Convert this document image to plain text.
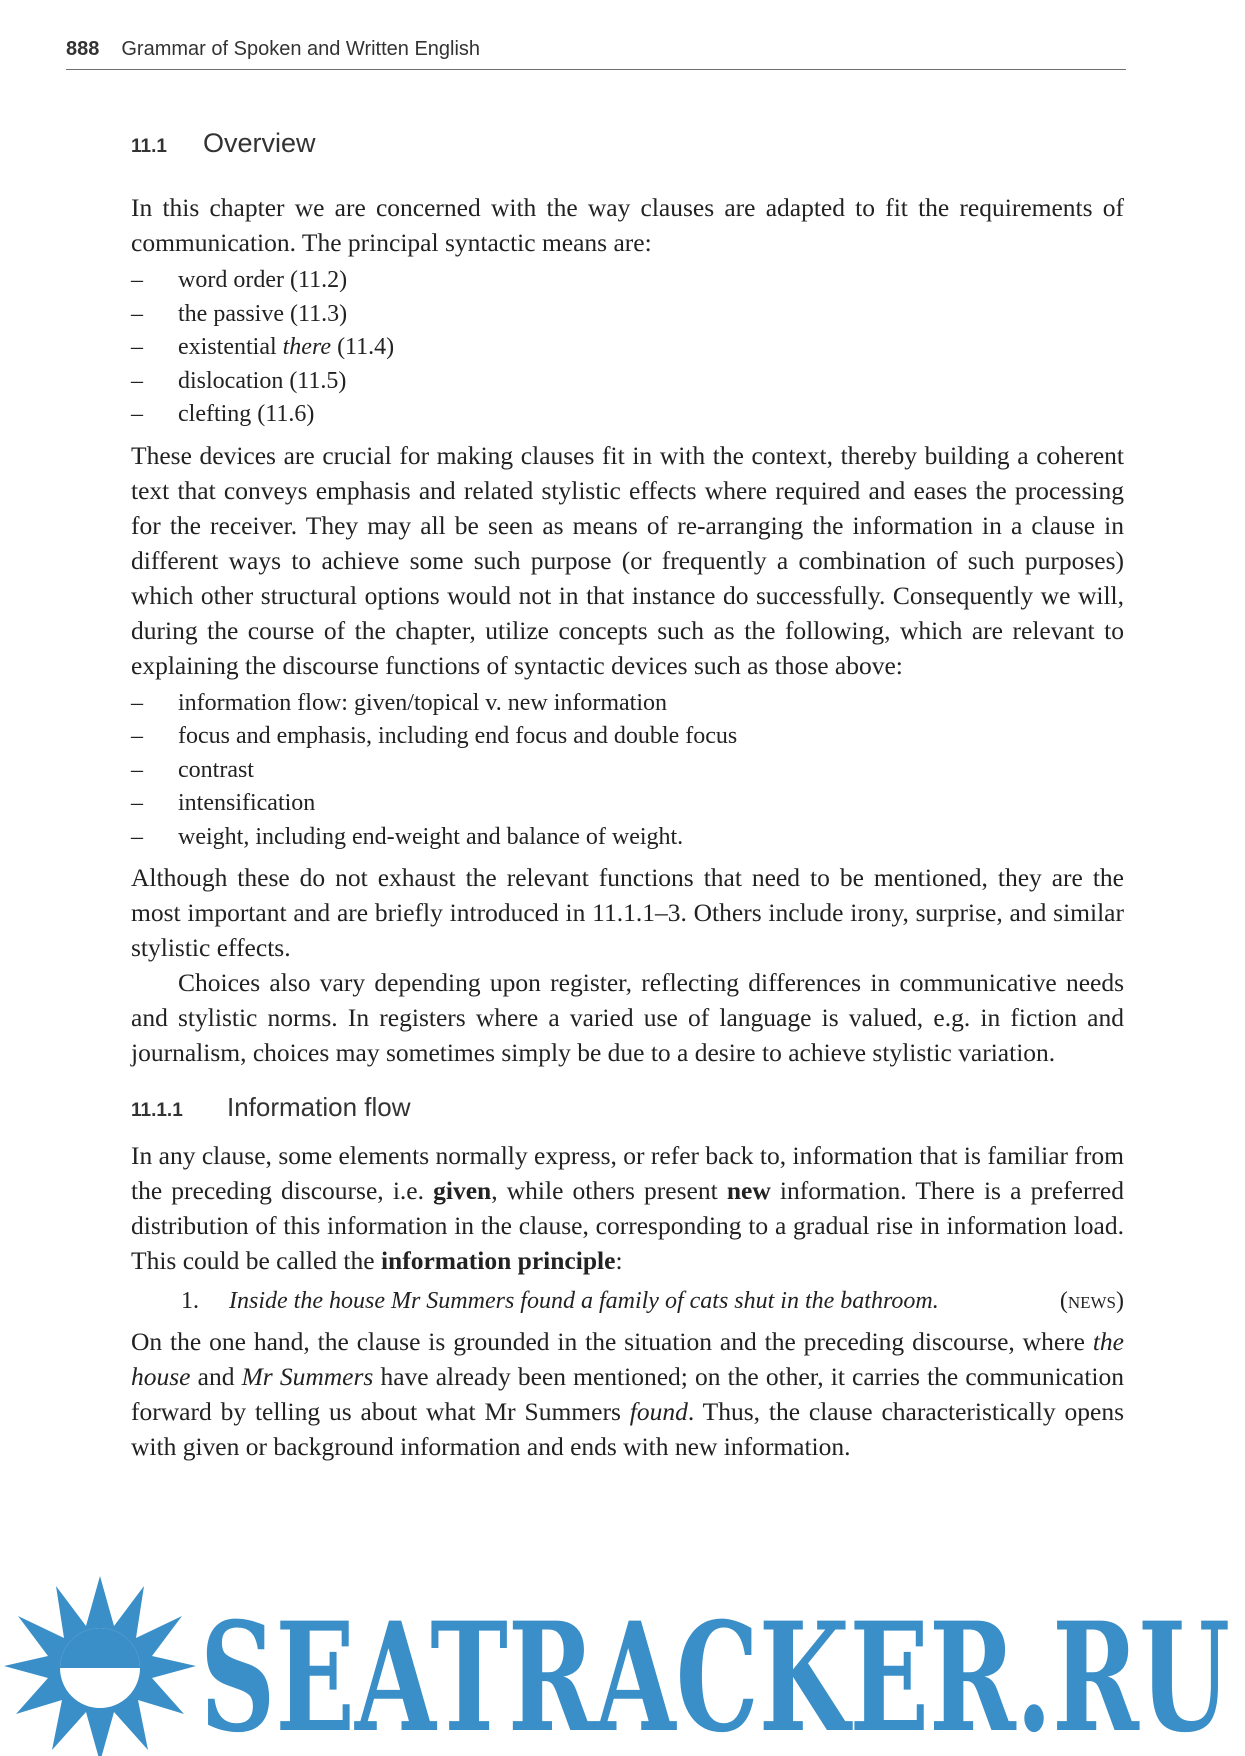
888 Grammar of Spoken and Written English
11.1	Overview

In this chapter we are concerned with the way clauses are adapted to fit the requirements of communication. The principal syntactic means are:

– word order (11.2)
– the passive (11.3)
– existential there (11.4)
– dislocation (11.5)
– clefting (11.6)

These devices are crucial for making clauses fit in with the context, thereby building a coherent text that conveys emphasis and related stylistic effects where required and eases the processing for the receiver. They may all be seen as means of re-arranging the information in a clause in different ways to achieve some such purpose (or frequently a combination of such purposes) which other structural options would not in that instance do successfully. Consequently we will, during the course of the chapter, utilize concepts such as the following, which are relevant to explaining the discourse functions of syntactic devices such as those above:

– information flow: given/topical v. new information
– focus and emphasis, including end focus and double focus
– contrast
– intensification
– weight, including end-weight and balance of weight.

Although these do not exhaust the relevant functions that need to be mentioned, they are the most important and are briefly introduced in 11.1.1–3. Others include irony, surprise, and similar stylistic effects.

Choices also vary depending upon register, reflecting differences in communicative needs and stylistic norms. In registers where a varied use of language is valued, e.g. in fiction and journalism, choices may sometimes simply be due to a desire to achieve stylistic variation.

11.1.1	Information flow

In any clause, some elements normally express, or refer back to, information that is familiar from the preceding discourse, i.e. given, while others present new information. There is a preferred distribution of this information in the clause, corresponding to a gradual rise in information load. This could be called the information principle:

1.	Inside the house Mr Summers found a family of cats shut in the bathroom.	(news)

On the one hand, the clause is grounded in the situation and the preceding discourse, where the house and Mr Summers have already been mentioned; on the other, it carries the communication forward by telling us about what Mr Summers found. Thus, the clause characteristically opens with given or background information and ends with new information.

SEATRACKER.RU
